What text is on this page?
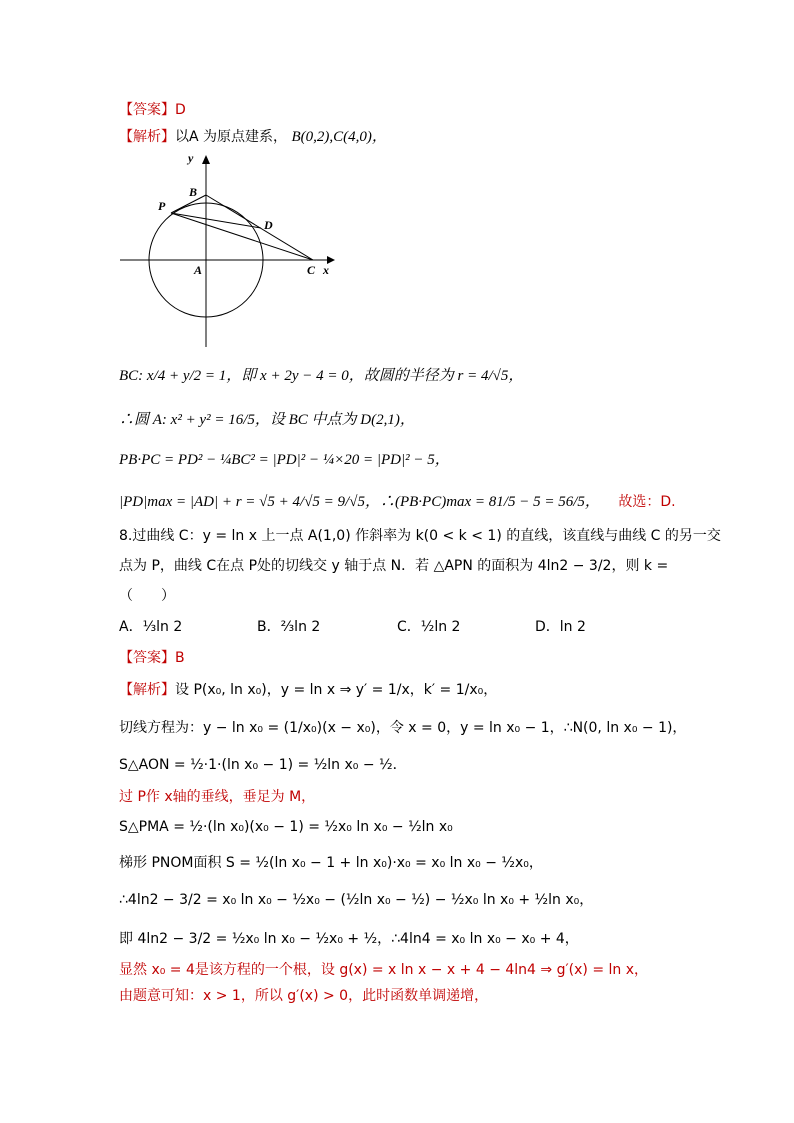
【答案】D
【解析】以A 为原点建系， B(0,2),C(4,0)，
y
x
B
P
D
A	C
BC: x/4 + y/2 = 1，即 x + 2y − 4 = 0，故圆的半径为 r = 4/√5，
∴圆 A: x² + y² = 16/5，设 BC 中点为 D(2,1)，
PB·PC = PD² − ¼BC² = |PD|² − ¼×20 = |PD|² − 5，
|PD|max = |AD| + r = √5 + 4/√5 = 9/√5，∴(PB·PC)max = 81/5 − 5 = 56/5， 故选：D.
8.过曲线 C：y = ln x 上一点 A(1,0) 作斜率为 k(0 < k < 1) 的直线，该直线与曲线 C 的另一交
点为 P，曲线 C在点 P处的切线交 y 轴于点 N．若 △APN 的面积为 4ln2 − 3/2，则 k =
（　　）
A．⅓ln 2	B．⅔ln 2	C．½ln 2	D．ln 2
【答案】B
【解析】设 P(x₀, ln x₀)，y = ln x ⇒ y′ = 1/x，k′ = 1/x₀，
切线方程为：y − ln x₀ = (1/x₀)(x − x₀)，令 x = 0，y = ln x₀ − 1，∴N(0, ln x₀ − 1)，
S△AON = ½·1·(ln x₀ − 1) = ½ln x₀ − ½．
过 P作 x轴的垂线，垂足为 M，
S△PMA = ½·(ln x₀)(x₀ − 1) = ½x₀ ln x₀ − ½ln x₀
梯形 PNOM面积 S = ½(ln x₀ − 1 + ln x₀)·x₀ = x₀ ln x₀ − ½x₀，
∴4ln2 − 3/2 = x₀ ln x₀ − ½x₀ − (½ln x₀ − ½) − ½x₀ ln x₀ + ½ln x₀，
即 4ln2 − 3/2 = ½x₀ ln x₀ − ½x₀ + ½，∴4ln4 = x₀ ln x₀ − x₀ + 4，
显然 x₀ = 4是该方程的一个根，设 g(x) = x ln x − x + 4 − 4ln4 ⇒ g′(x) = ln x，
由题意可知：x > 1，所以 g′(x) > 0，此时函数单调递增，
